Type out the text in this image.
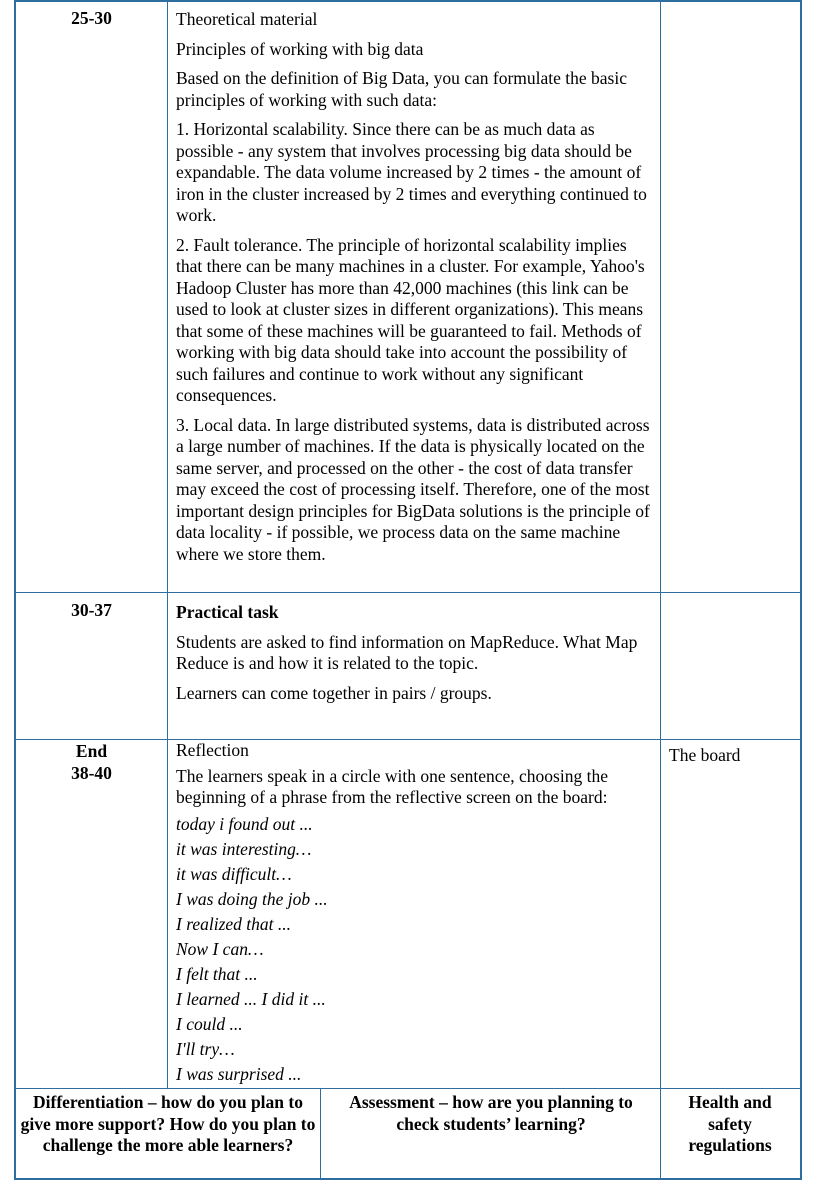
25-30	Theoretical material

Principles of working with big data

Based on the definition of Big Data, you can formulate the basic principles of working with such data:

1. Horizontal scalability. Since there can be as much data as possible - any system that involves processing big data should be expandable. The data volume increased by 2 times - the amount of iron in the cluster increased by 2 times and everything continued to work.

2. Fault tolerance. The principle of horizontal scalability implies that there can be many machines in a cluster. For example, Yahoo's Hadoop Cluster has more than 42,000 machines (this link can be used to look at cluster sizes in different organizations). This means that some of these machines will be guaranteed to fail. Methods of working with big data should take into account the possibility of such failures and continue to work without any significant consequences.

3. Local data. In large distributed systems, data is distributed across a large number of machines. If the data is physically located on the same server, and processed on the other - the cost of data transfer may exceed the cost of processing itself. Therefore, one of the most important design principles for BigData solutions is the principle of data locality - if possible, we process data on the same machine where we store them.

30-37	Practical task

Students are asked to find information on MapReduce. What Map Reduce is and how it is related to the topic.

Learners can come together in pairs / groups.

End
38-40

Reflection

The learners speak in a circle with one sentence, choosing the beginning of a phrase from the reflective screen on the board:

today i found out ...

it was interesting…

it was difficult…

I was doing the job ...

I realized that ...

Now I can…

I felt that ...

I learned ... I did it ...

I could ...

I'll try…

I was surprised ...

The board
Differentiation – how do you plan to give more support? How do you plan to challenge the more able learners?
Assessment – how are you planning to check students’ learning?
Health and safety regulations
